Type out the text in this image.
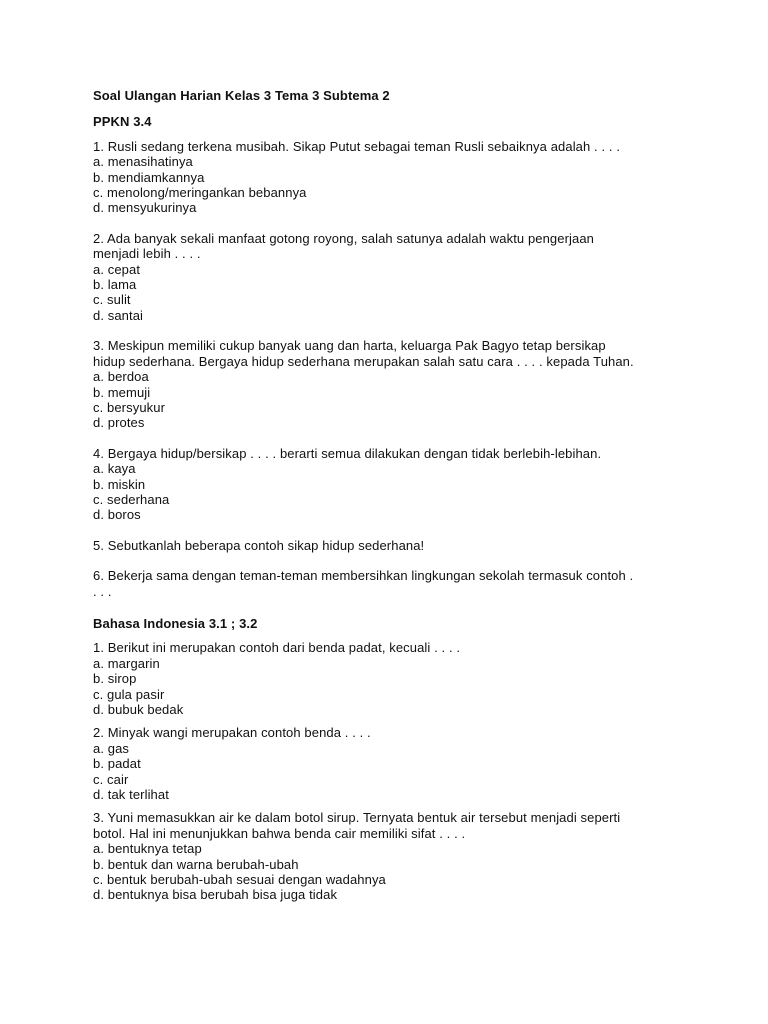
Soal Ulangan Harian Kelas 3 Tema 3 Subtema 2

PPKN 3.4

1. Rusli sedang terkena musibah. Sikap Putut sebagai teman Rusli sebaiknya adalah . . . .

a. menasihatinya

b. mendiamkannya

c. menolong/meringankan bebannya

d. mensyukurinya

2. Ada banyak sekali manfaat gotong royong, salah satunya adalah waktu pengerjaan

menjadi lebih . . . .

a. cepat

b. lama

c. sulit

d. santai

3. Meskipun memiliki cukup banyak uang dan harta, keluarga Pak Bagyo tetap bersikap

hidup sederhana. Bergaya hidup sederhana merupakan salah satu cara . . . . kepada Tuhan.

a. berdoa

b. memuji

c. bersyukur

d. protes

4. Bergaya hidup/bersikap . . . . berarti semua dilakukan dengan tidak berlebih-lebihan.

a. kaya

b. miskin

c. sederhana

d. boros

5. Sebutkanlah beberapa contoh sikap hidup sederhana!

6. Bekerja sama dengan teman-teman membersihkan lingkungan sekolah termasuk contoh .

. . .

Bahasa Indonesia 3.1 ; 3.2

1. Berikut ini merupakan contoh dari benda padat, kecuali . . . .

a. margarin

b. sirop

c. gula pasir

d. bubuk bedak

2. Minyak wangi merupakan contoh benda . . . .

a. gas

b. padat

c. cair

d. tak terlihat

3. Yuni memasukkan air ke dalam botol sirup. Ternyata bentuk air tersebut menjadi seperti

botol. Hal ini menunjukkan bahwa benda cair memiliki sifat . . . .

a. bentuknya tetap

b. bentuk dan warna berubah-ubah

c. bentuk berubah-ubah sesuai dengan wadahnya

d. bentuknya bisa berubah bisa juga tidak
